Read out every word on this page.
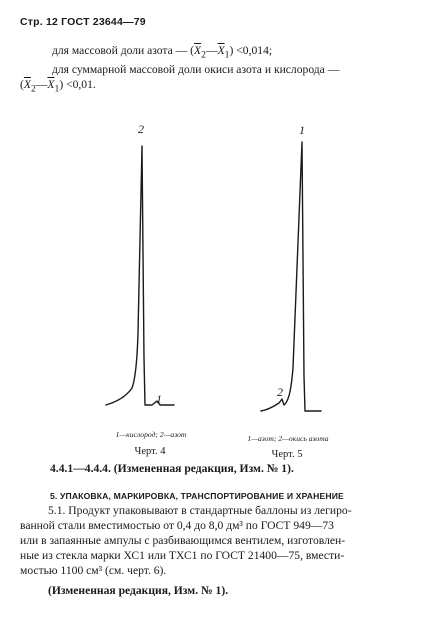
Стр. 12 ГОСТ 23644—79
для массовой доли азота — $(\overline{X}_2—\overline{X}_1) <0,014$;
для суммарной массовой доли окиси азота и кислорода —
$(\overline{X}_2—\overline{X}_1) <0,01$.
2
1
1—кислород; 2—азот
Черт. 4
1
2
1—азот; 2—окись азота
Черт. 5
4.4.1—4.4.4. (Измененная редакция, Изм. № 1).
5. УПАКОВКА, МАРКИРОВКА, ТРАНСПОРТИРОВАНИЕ И ХРАНЕНИЕ
5.1. Продукт упаковывают в стандартные баллоны из легиро-
ванной стали вместимостью от 0,4 до 8,0 дм³ по ГОСТ 949—73
или в запаянные ампулы с разбивающимся вентилем, изготовлен-
ные из стекла марки ХС1 или ТХС1 по ГОСТ 21400—75, вмести-
мостью 1100 см³ (см. черт. 6).
(Измененная редакция, Изм. № 1).
